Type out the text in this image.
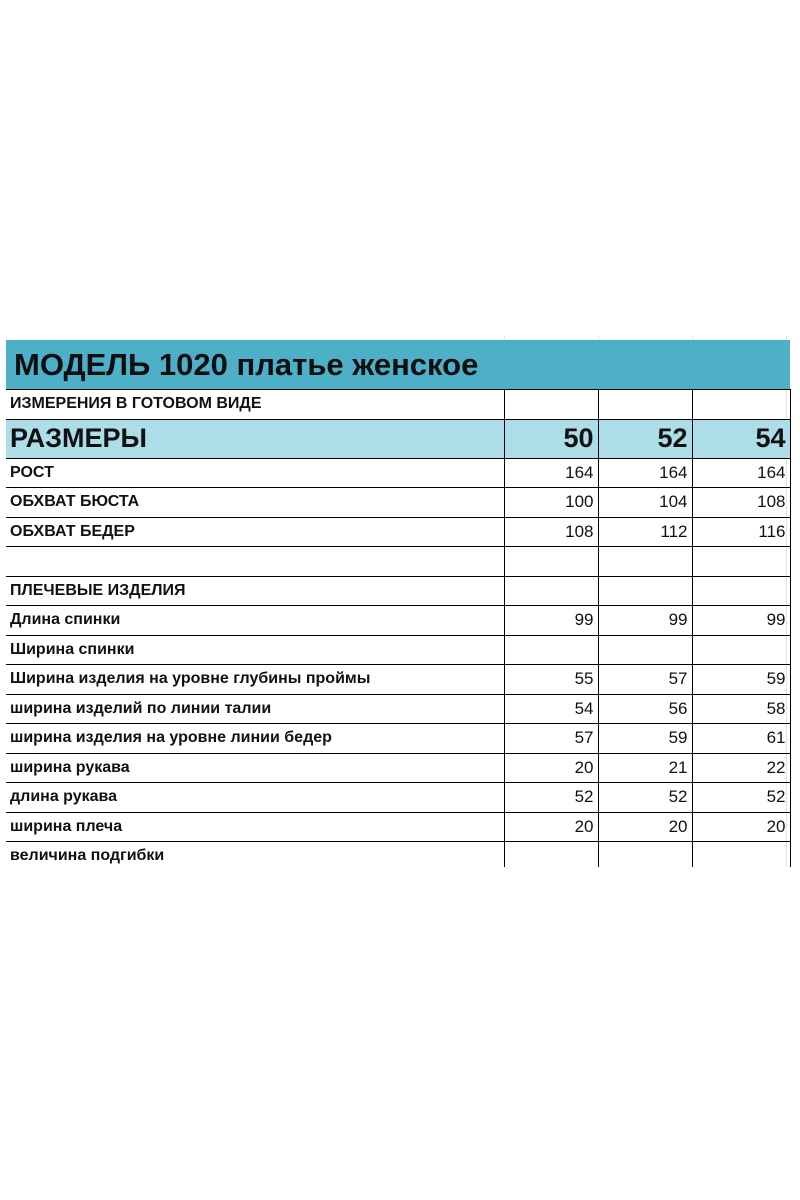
МОДЕЛЬ 1020 платье женское			
ИЗМЕРЕНИЯ В ГОТОВОМ ВИДЕ			
РАЗМЕРЫ	50	52	54
РОСТ	164	164	164
ОБХВАТ БЮСТА	100	104	108
ОБХВАТ БЕДЕР	108	112	116

ПЛЕЧЕВЫЕ ИЗДЕЛИЯ			
Длина спинки	99	99	99
Ширина спинки			
Ширина изделия на уровне глубины проймы	55	57	59
ширина изделий по линии талии	54	56	58
ширина изделия на уровне линии бедер	57	59	61
ширина рукава	20	21	22
длина рукава	52	52	52
ширина плеча	20	20	20
величина подгибки			
